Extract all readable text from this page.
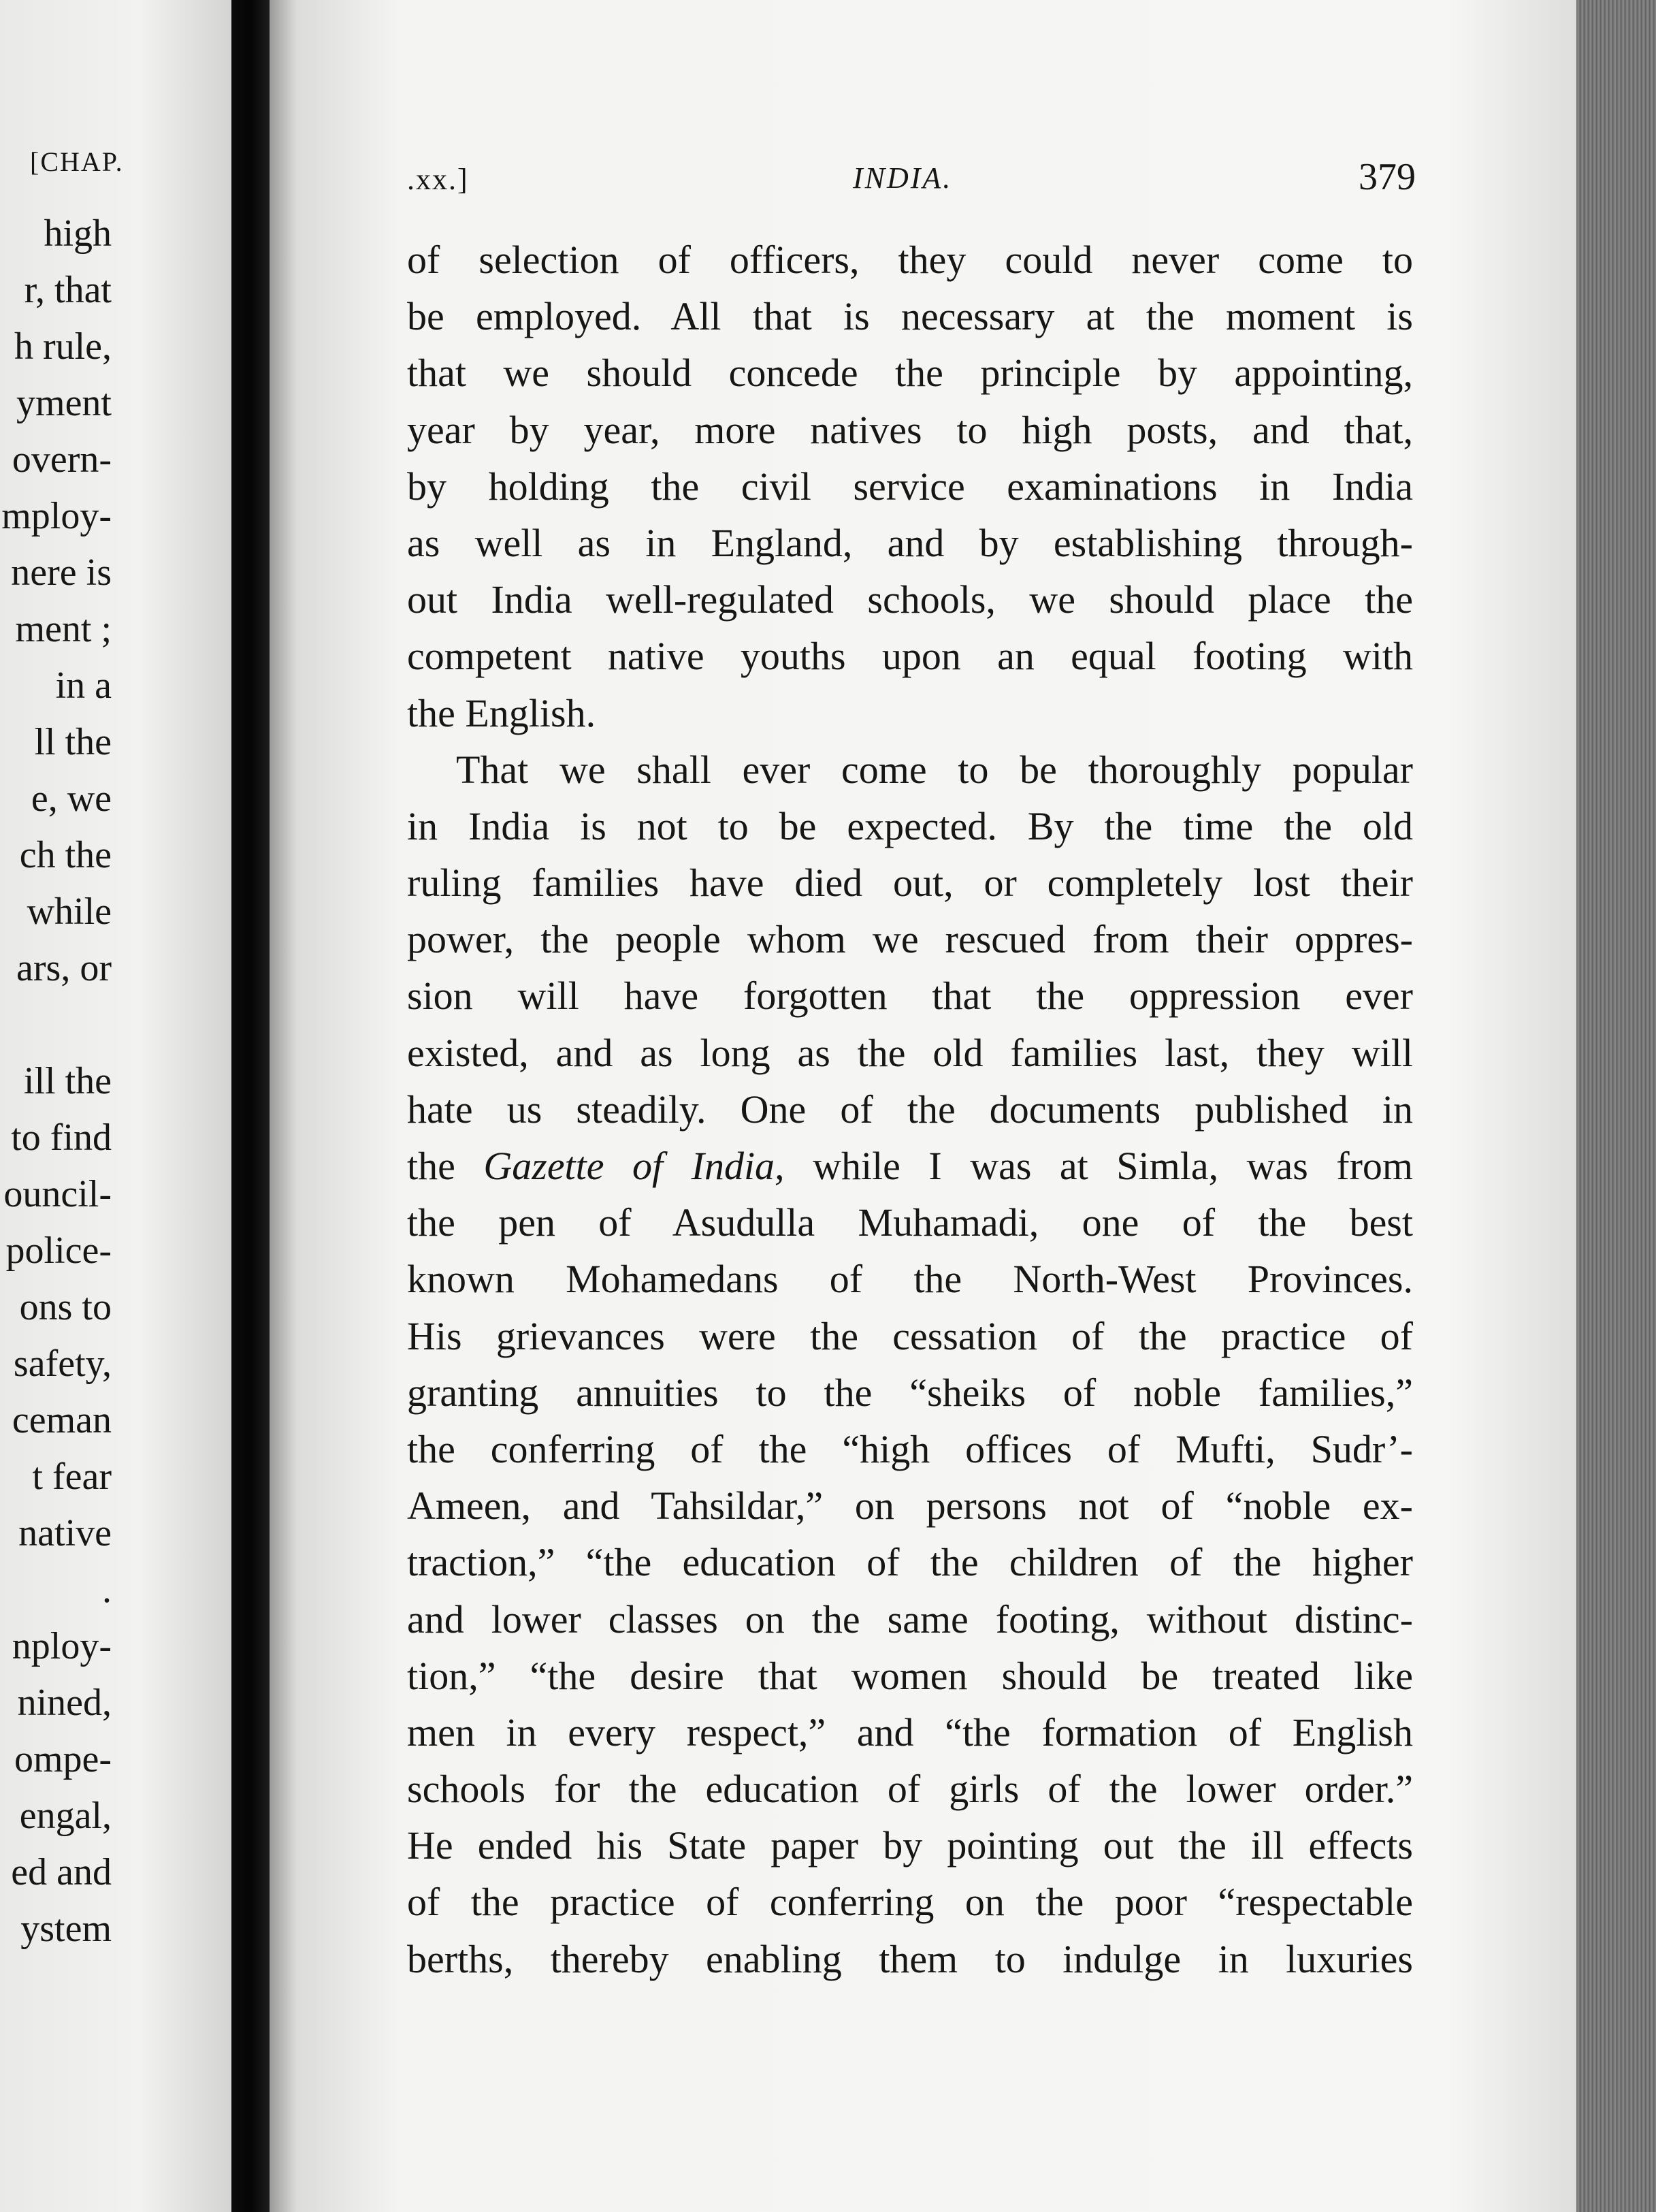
[CHAP.
high
r, that
h rule,
yment
overn-
mploy-
nere is
ment ;
in a
ll the
e, we
ch the
while
ars, or
ill the
to find
ouncil-
police-
ons to
safety,
ceman
t fear
native
.
nploy-
nined,
ompe-
engal,
ed and
ystem
.xx.]	INDIA.	379
of selection of officers, they could never come to
be employed. All that is necessary at the moment is
that we should concede the principle by appointing,
year by year, more natives to high posts, and that,
by holding the civil service examinations in India
as well as in England, and by establishing through-
out India well-regulated schools, we should place the
competent native youths upon an equal footing with
the English.
That we shall ever come to be thoroughly popular
in India is not to be expected. By the time the old
ruling families have died out, or completely lost their
power, the people whom we rescued from their oppres-
sion will have forgotten that the oppression ever
existed, and as long as the old families last, they will
hate us steadily. One of the documents published in
the Gazette of India, while I was at Simla, was from
the pen of Asudulla Muhamadi, one of the best
known Mohamedans of the North-West Provinces.
His grievances were the cessation of the practice of
granting annuities to the “sheiks of noble families,”
the conferring of the “high offices of Mufti, Sudr’-
Ameen, and Tahsildar,” on persons not of “noble ex-
traction,” “the education of the children of the higher
and lower classes on the same footing, without distinc-
tion,” “the desire that women should be treated like
men in every respect,” and “the formation of English
schools for the education of girls of the lower order.”
He ended his State paper by pointing out the ill effects
of the practice of conferring on the poor “respectable
berths, thereby enabling them to indulge in luxuries
